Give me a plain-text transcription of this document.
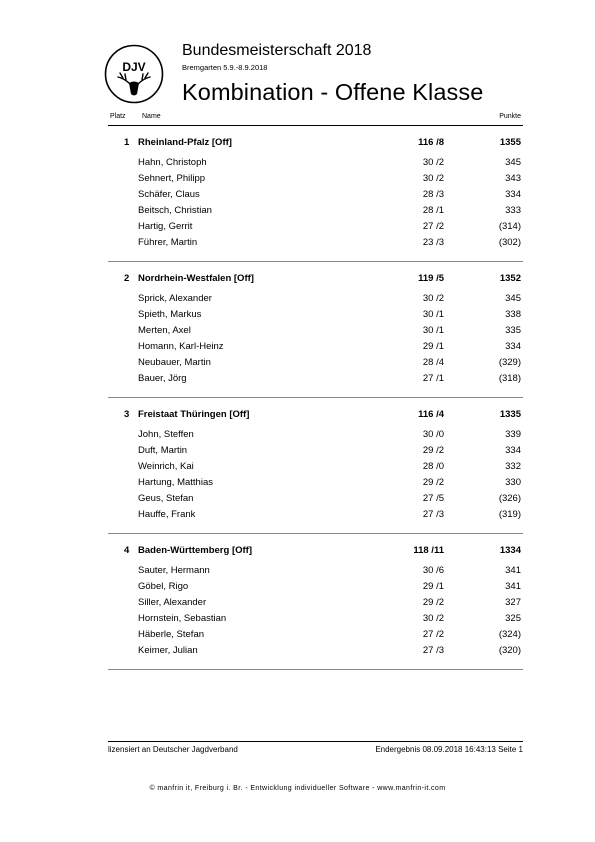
DJV
Bundesmeisterschaft 2018
Bremgarten 5.9.-8.9.2018
Kombination - Offene Klasse
Platz Name	Punkte
1 Rheinland-Pfalz [Off]	116 /8	1355
Hahn, Christoph	30 /2	345
Sehnert, Philipp	30 /2	343
Schäfer, Claus	28 /3	334
Beitsch, Christian	28 /1	333
Hartig, Gerrit	27 /2	(314)
Führer, Martin	23 /3	(302)
2 Nordrhein-Westfalen [Off]	119 /5	1352
Sprick, Alexander	30 /2	345
Spieth, Markus	30 /1	338
Merten, Axel	30 /1	335
Homann, Karl-Heinz	29 /1	334
Neubauer, Martin	28 /4	(329)
Bauer, Jörg	27 /1	(318)
3 Freistaat Thüringen [Off]	116 /4	1335
John, Steffen	30 /0	339
Duft, Martin	29 /2	334
Weinrich, Kai	28 /0	332
Hartung, Matthias	29 /2	330
Geus, Stefan	27 /5	(326)
Hauffe, Frank	27 /3	(319)
4 Baden-Württemberg [Off]	118 /11	1334
Sauter, Hermann	30 /6	341
Göbel, Rigo	29 /1	341
Siller, Alexander	29 /2	327
Hornstein, Sebastian	30 /2	325
Häberle, Stefan	27 /2	(324)
Keimer, Julian	27 /3	(320)
lizensiert an Deutscher Jagdverband	Endergebnis 08.09.2018 16:43:13 Seite 1
© manfrin it, Freiburg i. Br. - Entwicklung individueller Software - www.manfrin-it.com
